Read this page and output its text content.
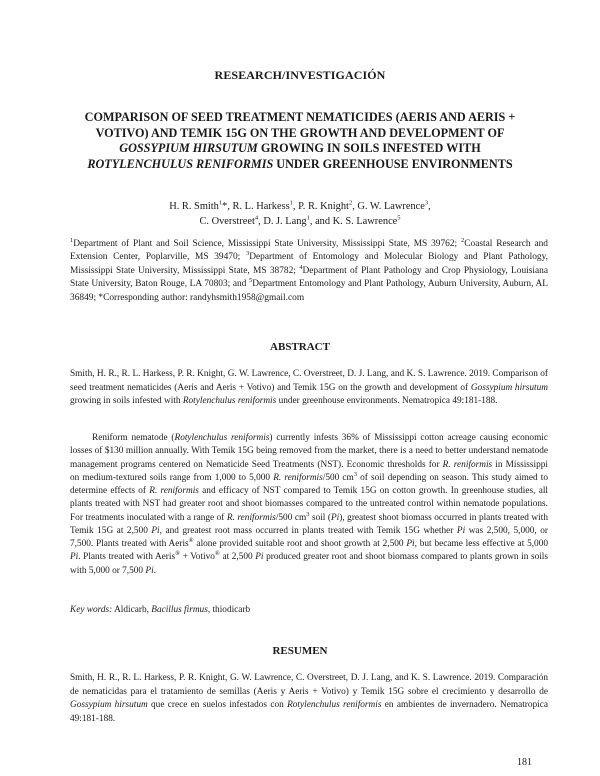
RESEARCH/INVESTIGACIÓN
COMPARISON OF SEED TREATMENT NEMATICIDES (AERIS AND AERIS + VOTIVO) AND TEMIK 15G ON THE GROWTH AND DEVELOPMENT OF GOSSYPIUM HIRSUTUM GROWING IN SOILS INFESTED WITH ROTYLENCHULUS RENIFORMIS UNDER GREENHOUSE ENVIRONMENTS
H. R. Smith$^1$*, R. L. Harkess$^1$, P. R. Knight$^2$, G. W. Lawrence$^3$,
C. Overstreet$^4$, D. J. Lang$^1$, and K. S. Lawrence$^5$
$^1$Department of Plant and Soil Science, Mississippi State University, Mississippi State, MS 39762; $^2$Coastal Research and Extension Center, Poplarville, MS 39470; $^3$Department of Entomology and Molecular Biology and Plant Pathology, Mississippi State University, Mississippi State, MS 38782; $^4$Department of Plant Pathology and Crop Physiology, Louisiana State University, Baton Rouge, LA 70803; and $^5$Department Entomology and Plant Pathology, Auburn University, Auburn, AL 36849; *Corresponding author: randyhsmith1958@gmail.com
ABSTRACT
Smith, H. R., R. L. Harkess, P. R. Knight, G. W. Lawrence, C. Overstreet, D. J. Lang, and K. S. Lawrence. 2019. Comparison of seed treatment nematicides (Aeris and Aeris + Votivo) and Temik 15G on the growth and development of Gossypium hirsutum growing in soils infested with Rotylenchulus reniformis under greenhouse environments. Nematropica 49:181-188.
Reniform nematode (Rotylenchulus reniformis) currently infests 36% of Mississippi cotton acreage causing economic losses of $130 million annually. With Temik 15G being removed from the market, there is a need to better understand nematode management programs centered on Nematicide Seed Treatments (NST). Economic thresholds for R. reniformis in Mississippi on medium-textured soils range from 1,000 to 5,000 R. reniformis/500 $cm^3$ of soil depending on season. This study aimed to determine effects of R. reniformis and efficacy of NST compared to Temik 15G on cotton growth. In greenhouse studies, all plants treated with NST had greater root and shoot biomasses compared to the untreated control within nematode populations. For treatments inoculated with a range of R. reniformis/500 $cm^3$ soil (Pi), greatest shoot biomass occurred in plants treated with Temik 15G at 2,500 Pi, and greatest root mass occurred in plants treated with Temik 15G whether Pi was 2,500, 5,000, or 7,500. Plants treated with Aeris® alone provided suitable root and shoot growth at 2,500 Pi, but became less effective at 5,000 Pi. Plants treated with Aeris® + Votivo® at 2,500 Pi produced greater root and shoot biomass compared to plants grown in soils with 5,000 or 7,500 Pi.
Key words: Aldicarb, Bacillus firmus, thiodicarb
RESUMEN
Smith, H. R., R. L. Harkess, P. R. Knight, G. W. Lawrence, C. Overstreet, D. J. Lang, and K. S. Lawrence. 2019. Comparación de nematicidas para el tratamiento de semillas (Aeris y Aeris + Votivo) y Temik 15G sobre el crecimiento y desarrollo de Gossypium hirsutum que crece en suelos infestados con Rotylenchulus reniformis en ambientes de invernadero. Nematropica 49:181-188.
181
